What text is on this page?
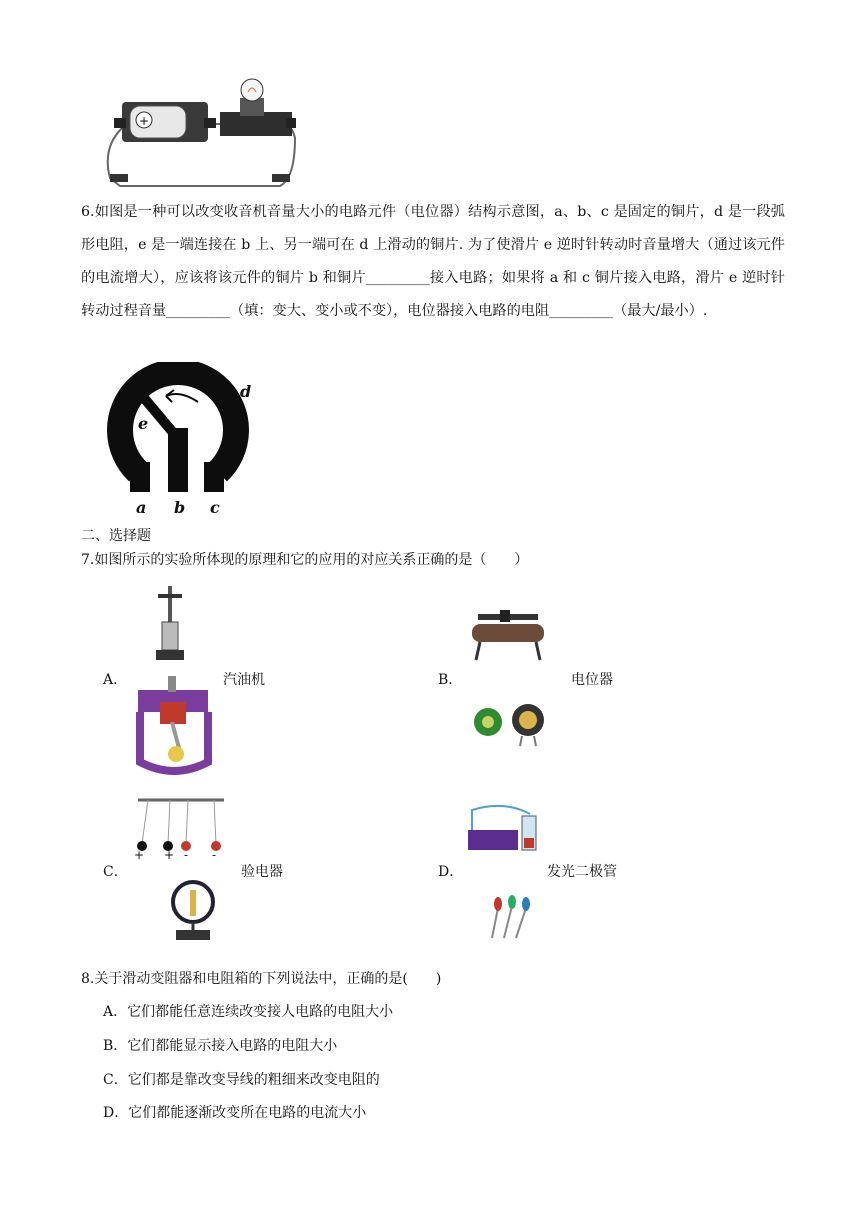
+
6.如图是一种可以改变收音机音量大小的电路元件（电位器）结构示意图，a、b、c 是固定的铜片，d 是一段弧形电阻，e 是一端连接在 b 上、另一端可在 d 上滑动的铜片. 为了使滑片 e 逆时针转动时音量增大（通过该元件的电流增大），应该将该元件的铜片 b 和铜片_________接入电路；如果将 a 和 c 铜片接入电路，滑片 e 逆时针转动过程音量_________（填：变大、变小或不变），电位器接入电路的电阻_________（最大/最小）.
d
e
a b c
二、选择题
7.如图所示的实验所体现的原理和它的应用的对应关系正确的是（　　）
A．	汽油机	B．	电位器
+ + - -
C．	验电器	D．	发光二极管
8.关于滑动变阻器和电阻箱的下列说法中，正确的是(　　)
A．它们都能任意连续改变接人电路的电阻大小
B．它们都能显示接入电路的电阻大小
C．它们都是靠改变导线的粗细来改变电阻的
D．它们都能逐渐改变所在电路的电流大小
